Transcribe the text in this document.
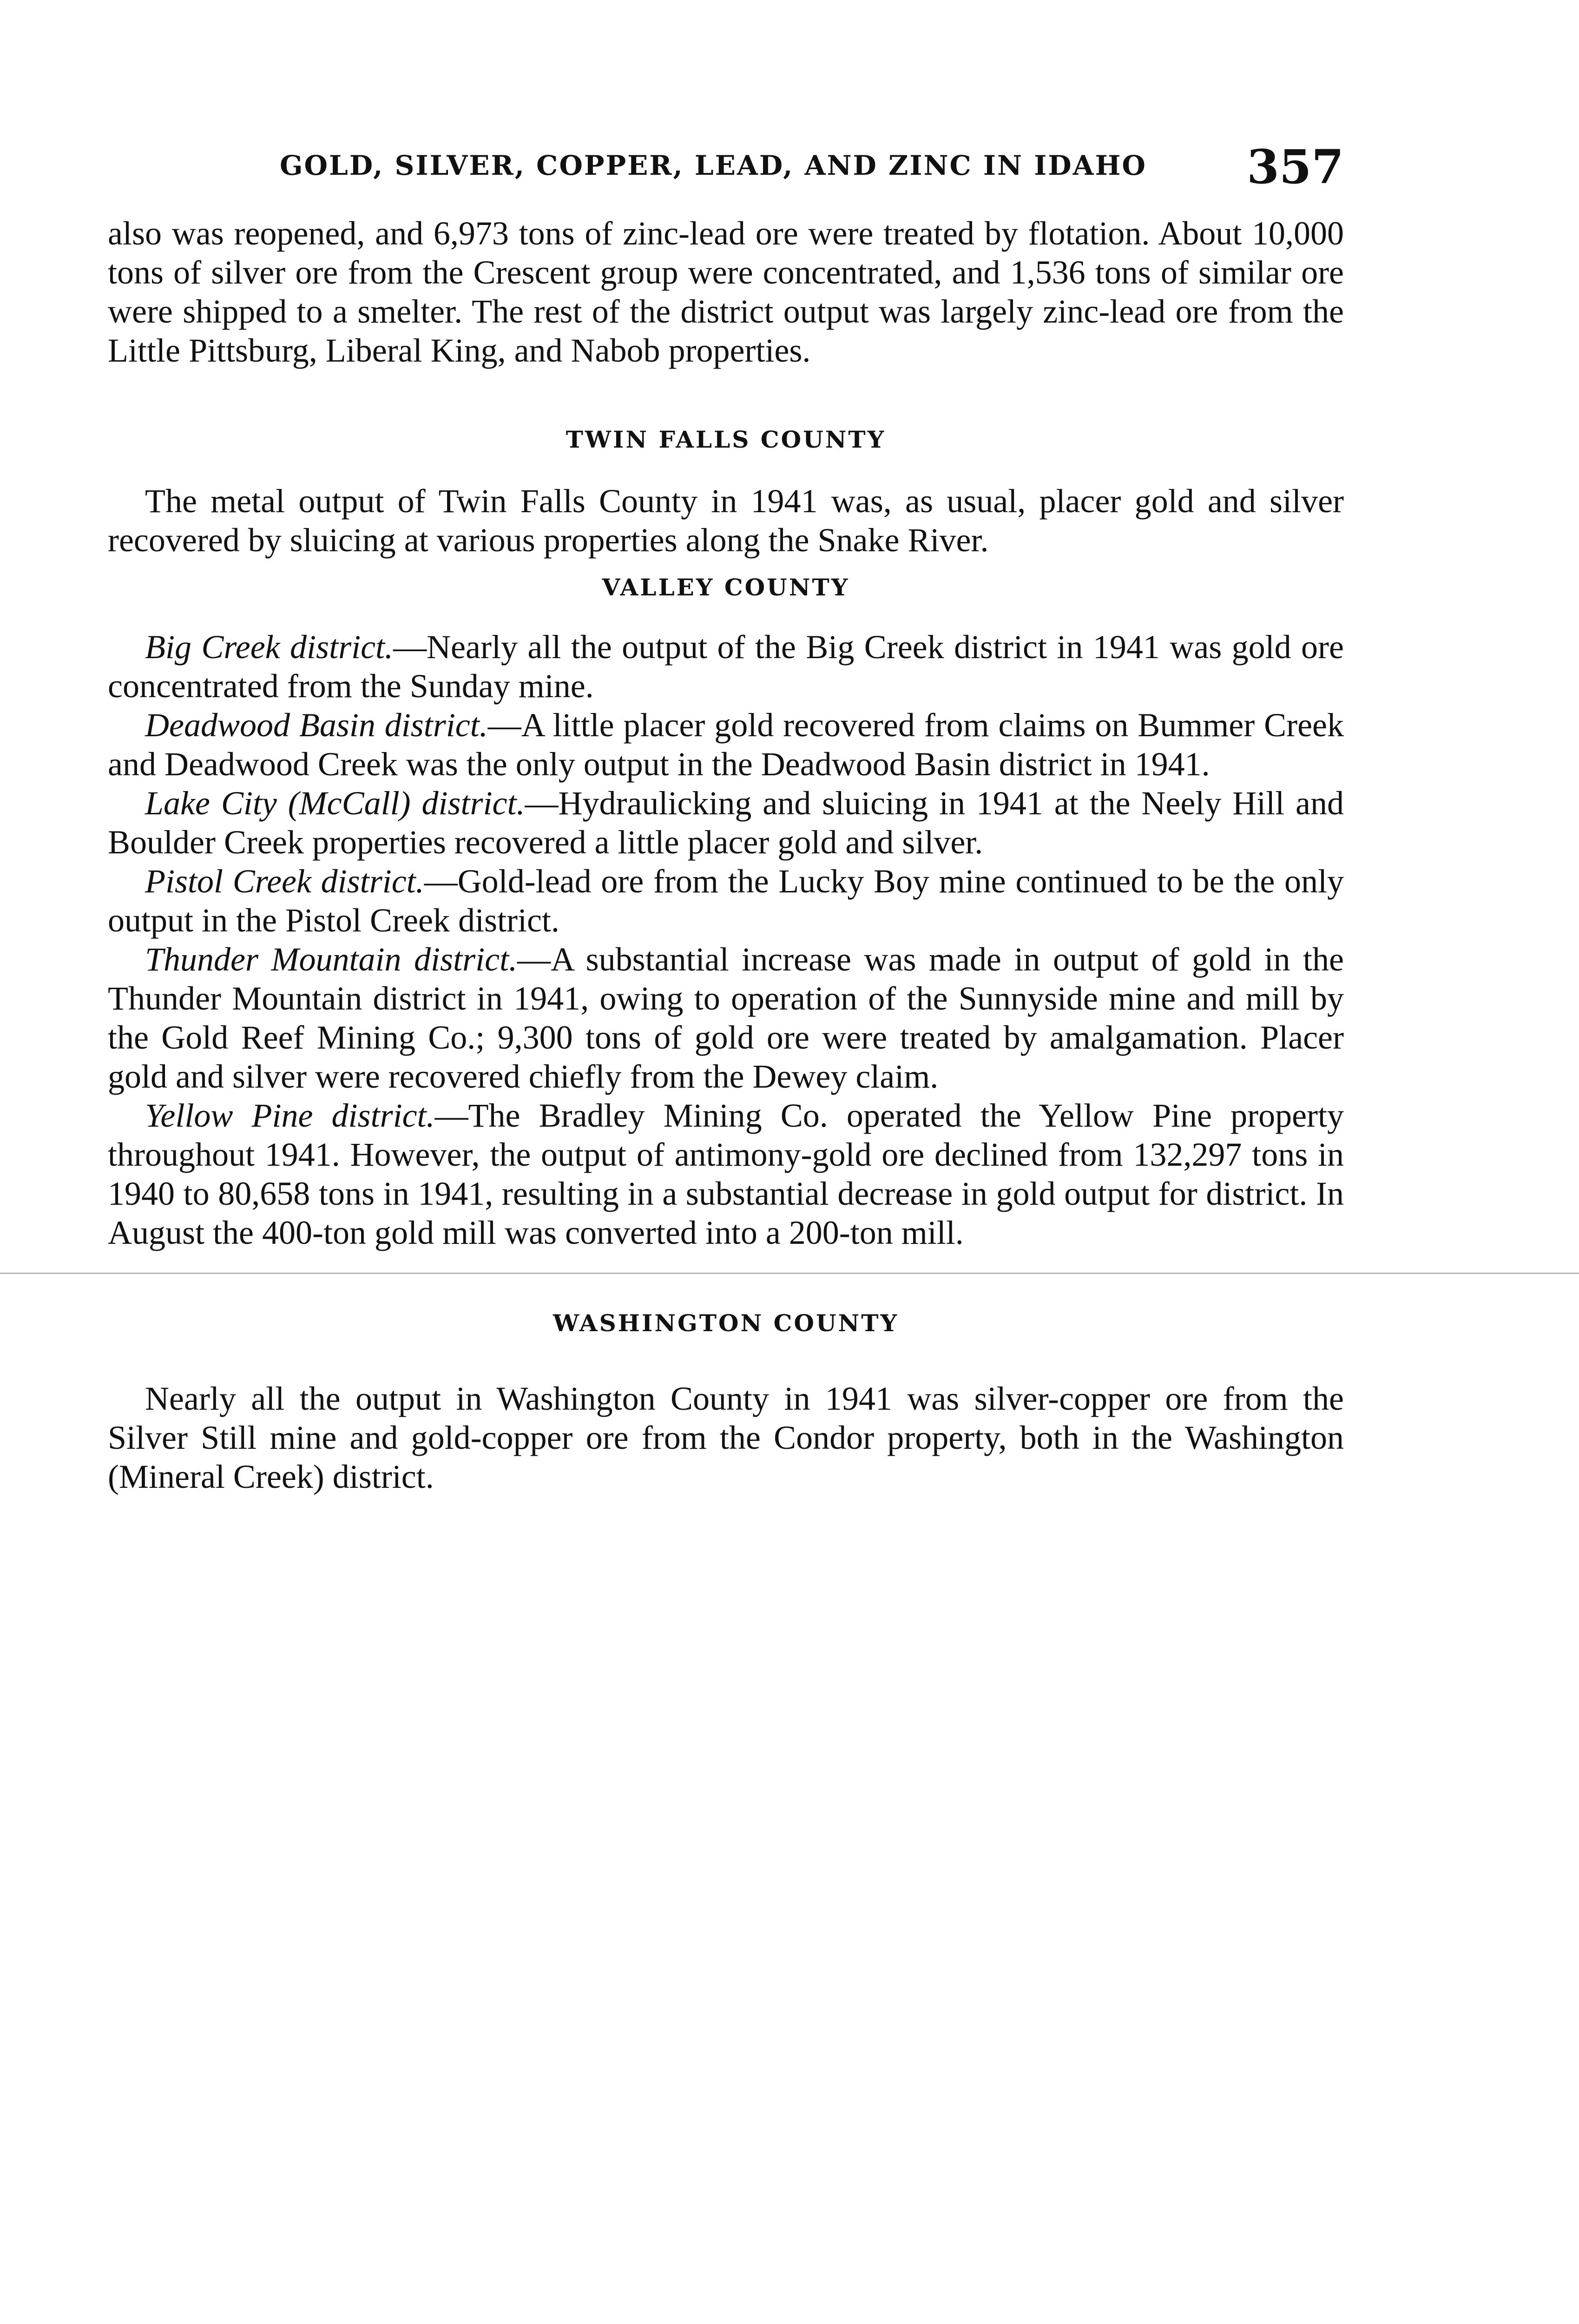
GOLD, SILVER, COPPER, LEAD, AND ZINC IN IDAHO 357

also was reopened, and 6,973 tons of zinc-lead ore were treated by flotation. About 10,000 tons of silver ore from the Crescent group were concentrated, and 1,536 tons of similar ore were shipped to a smelter. The rest of the district output was largely zinc-lead ore from the Little Pittsburg, Liberal King, and Nabob properties.

TWIN FALLS COUNTY

The metal output of Twin Falls County in 1941 was, as usual, placer gold and silver recovered by sluicing at various properties along the Snake River.

VALLEY COUNTY

Big Creek district.—Nearly all the output of the Big Creek district in 1941 was gold ore concentrated from the Sunday mine.

Deadwood Basin district.—A little placer gold recovered from claims on Bummer Creek and Deadwood Creek was the only output in the Deadwood Basin district in 1941.

Lake City (McCall) district.—Hydraulicking and sluicing in 1941 at the Neely Hill and Boulder Creek properties recovered a little placer gold and silver.

Pistol Creek district.—Gold-lead ore from the Lucky Boy mine continued to be the only output in the Pistol Creek district.

Thunder Mountain district.—A substantial increase was made in output of gold in the Thunder Mountain district in 1941, owing to operation of the Sunnyside mine and mill by the Gold Reef Mining Co.; 9,300 tons of gold ore were treated by amalgamation. Placer gold and silver were recovered chiefly from the Dewey claim.

Yellow Pine district.—The Bradley Mining Co. operated the Yellow Pine property throughout 1941. However, the output of antimony-gold ore declined from 132,297 tons in 1940 to 80,658 tons in 1941, resulting in a substantial decrease in gold output for district. In August the 400-ton gold mill was converted into a 200-ton mill.

WASHINGTON COUNTY

Nearly all the output in Washington County in 1941 was silver-copper ore from the Silver Still mine and gold-copper ore from the Condor property, both in the Washington (Mineral Creek) district.
